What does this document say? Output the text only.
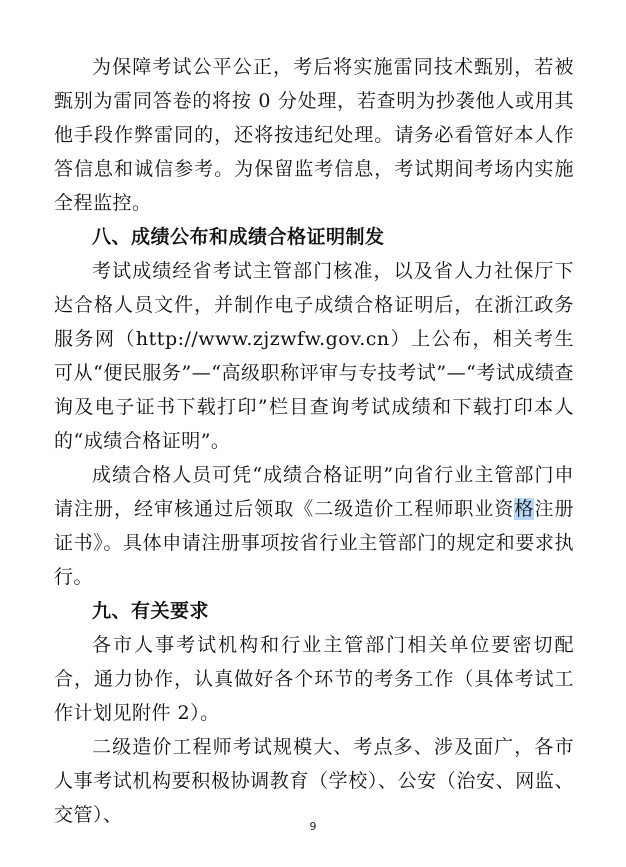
为保障考试公平公正，考后将实施雷同技术甄别，若被甄别为雷同答卷的将按 0 分处理，若查明为抄袭他人或用其他手段作弊雷同的，还将按违纪处理。请务必看管好本人作答信息和诚信参考。为保留监考信息，考试期间考场内实施全程监控。

八、成绩公布和成绩合格证明制发

考试成绩经省考试主管部门核准，以及省人力社保厅下达合格人员文件，并制作电子成绩合格证明后，在浙江政务服务网（http://www.zjzwfw.gov.cn）上公布，相关考生可从“便民服务”—“高级职称评审与专技考试”—“考试成绩查询及电子证书下载打印”栏目查询考试成绩和下载打印本人的“成绩合格证明”。

成绩合格人员可凭“成绩合格证明”向省行业主管部门申请注册，经审核通过后领取《二级造价工程师职业资格注册证书》。具体申请注册事项按省行业主管部门的规定和要求执行。

九、有关要求

各市人事考试机构和行业主管部门相关单位要密切配合，通力协作，认真做好各个环节的考务工作（具体考试工作计划见附件 2）。

二级造价工程师考试规模大、考点多、涉及面广，各市人事考试机构要积极协调教育（学校）、公安（治安、网监、交管）、

9
